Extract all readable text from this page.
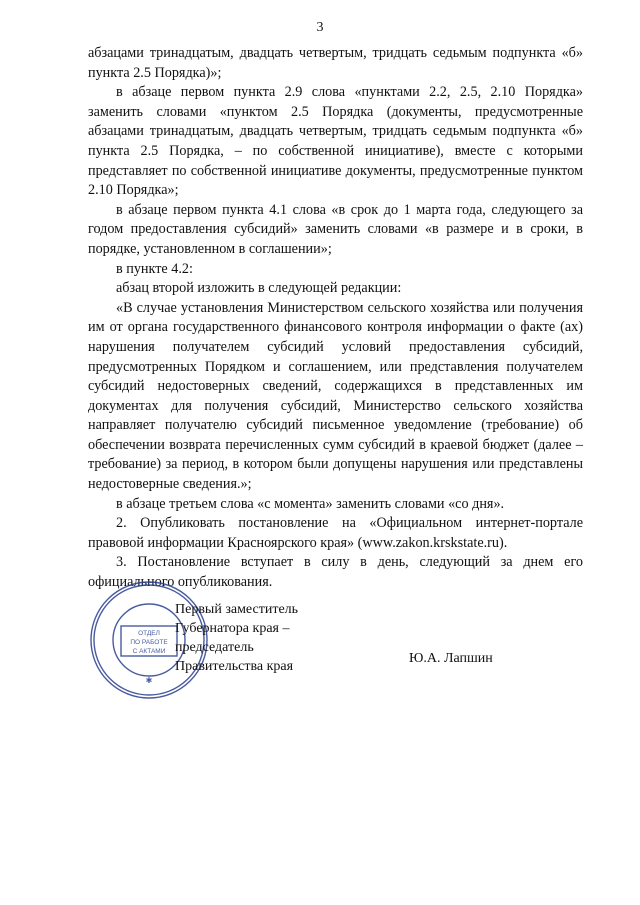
3

абзацами тринадцатым, двадцать четвертым, тридцать седьмым подпункта «б» пункта 2.5 Порядка)»;

в абзаце первом пункта 2.9 слова «пунктами 2.2, 2.5, 2.10 Порядка» заменить словами «пунктом 2.5 Порядка (документы, предусмотренные абзацами тринадцатым, двадцать четвертым, тридцать седьмым подпункта «б» пункта 2.5 Порядка, – по собственной инициативе), вместе с которыми представляет по собственной инициативе документы, предусмотренные пунктом 2.10 Порядка»;

в абзаце первом пункта 4.1 слова «в срок до 1 марта года, следующего за годом предоставления субсидий» заменить словами «в размере и в сроки, в порядке, установленном в соглашении»;

в пункте 4.2:

абзац второй изложить в следующей редакции:

«В случае установления Министерством сельского хозяйства или получения им от органа государственного финансового контроля информации о факте (ах) нарушения получателем субсидий условий предоставления субсидий, предусмотренных Порядком и соглашением, или представления получателем субсидий недостоверных сведений, содержащихся в представленных им документах для получения субсидий, Министерство сельского хозяйства направляет получателю субсидий письменное уведомление (требование) об обеспечении возврата перечисленных сумм субсидий в краевой бюджет (далее – требование) за период, в котором были допущены нарушения или представлены недостоверные сведения.»;

в абзаце третьем слова «с момента» заменить словами «со дня».

2. Опубликовать постановление на «Официальном интернет-портале правовой информации Красноярского края» (www.zakon.krskstate.ru).

3. Постановление вступает в силу в день, следующий за днем его официального опубликования.

ОТДЕЛ
ПО РАБОТЕ
С АКТАМИ
✱
Первый заместитель
Губернатора края –
председатель
Правительства края
Ю.А. Лапшин
